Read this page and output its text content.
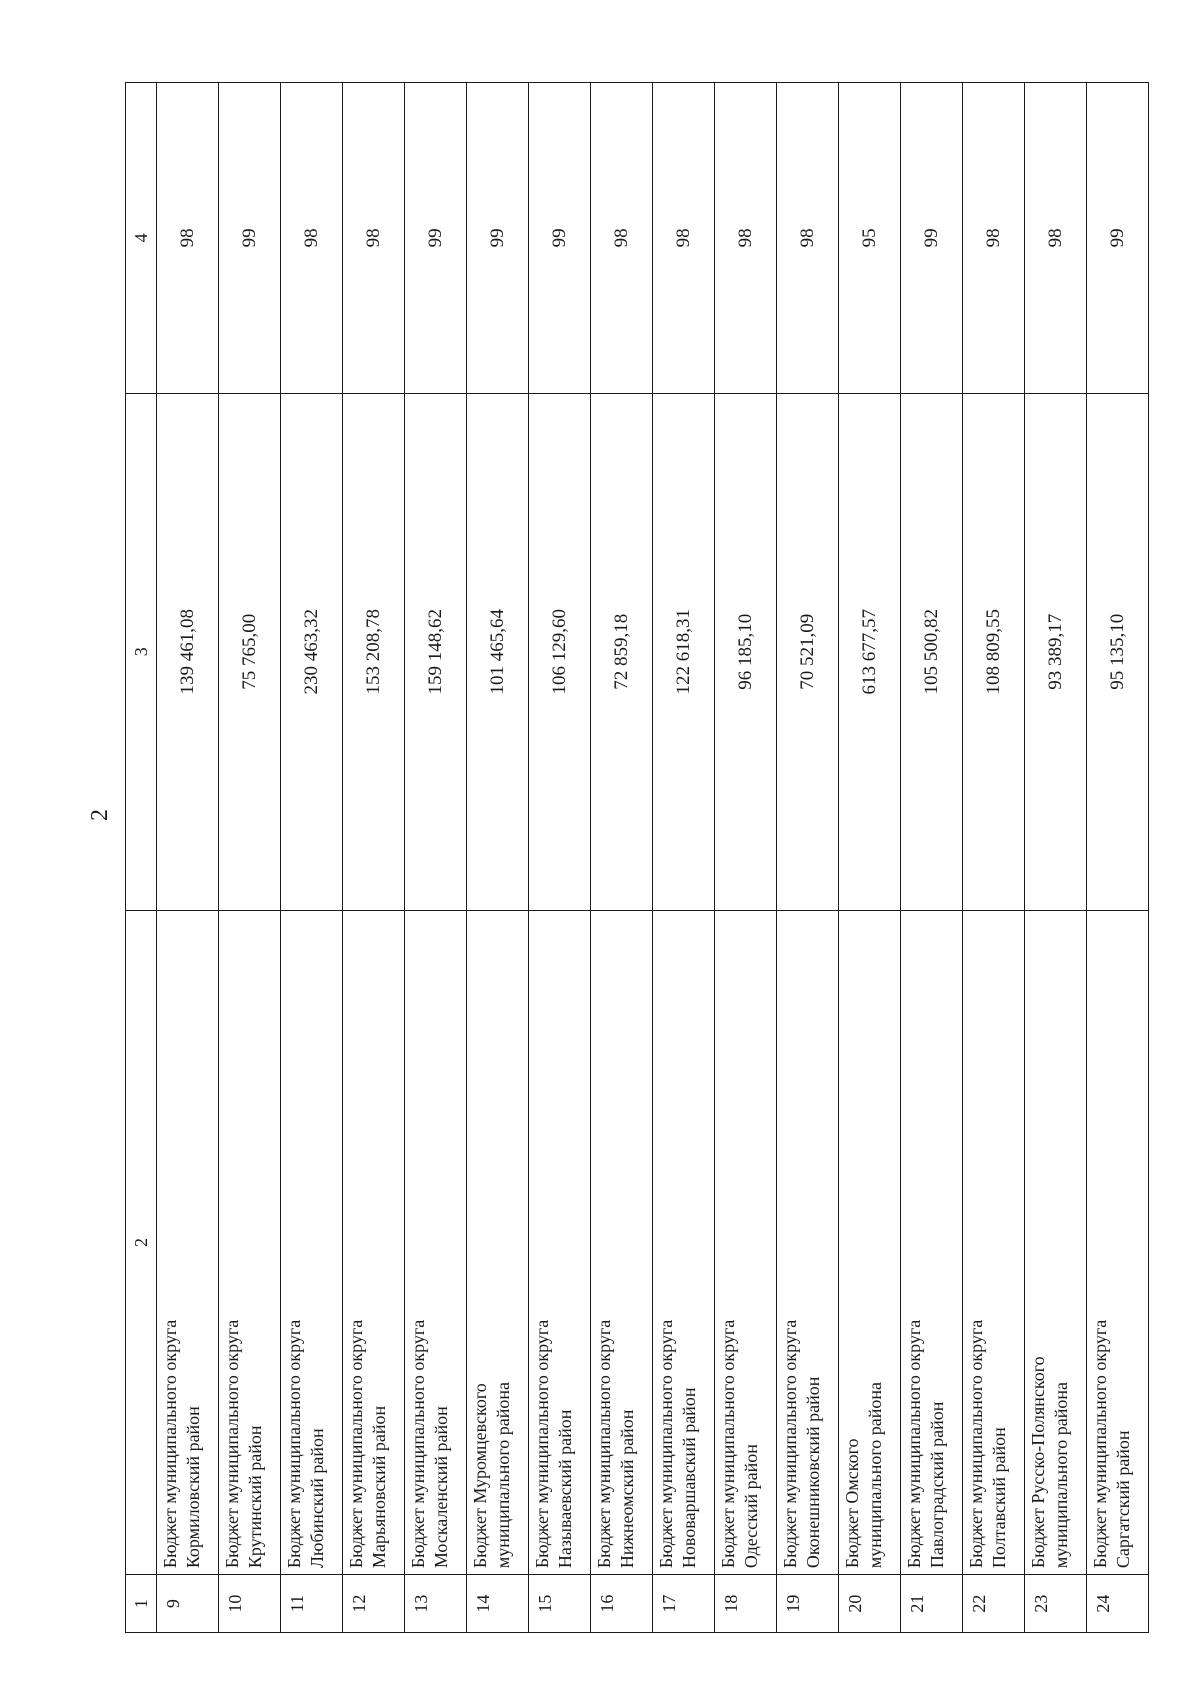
2
1	2	3	4
9	Бюджет муниципального округа Кормиловский район	139 461,08	98
10	Бюджет муниципального округа Крутинский район	75 765,00	99
11	Бюджет муниципального округа Любинский район	230 463,32	98
12	Бюджет муниципального округа Марьяновский район	153 208,78	98
13	Бюджет муниципального округа Москаленский район	159 148,62	99
14	Бюджет Муромцевского муниципального района	101 465,64	99
15	Бюджет муниципального округа Называевский район	106 129,60	99
16	Бюджет муниципального округа Нижнеомский район	72 859,18	98
17	Бюджет муниципального округа Нововаршавский район	122 618,31	98
18	Бюджет муниципального округа Одесский район	96 185,10	98
19	Бюджет муниципального округа Оконешниковский район	70 521,09	98
20	Бюджет Омского муниципального района	613 677,57	95
21	Бюджет муниципального округа Павлоградский район	105 500,82	99
22	Бюджет муниципального округа Полтавский район	108 809,55	98
23	Бюджет Русско-Полянского муниципального района	93 389,17	98
24	Бюджет муниципального округа Саргатский район	95 135,10	99
